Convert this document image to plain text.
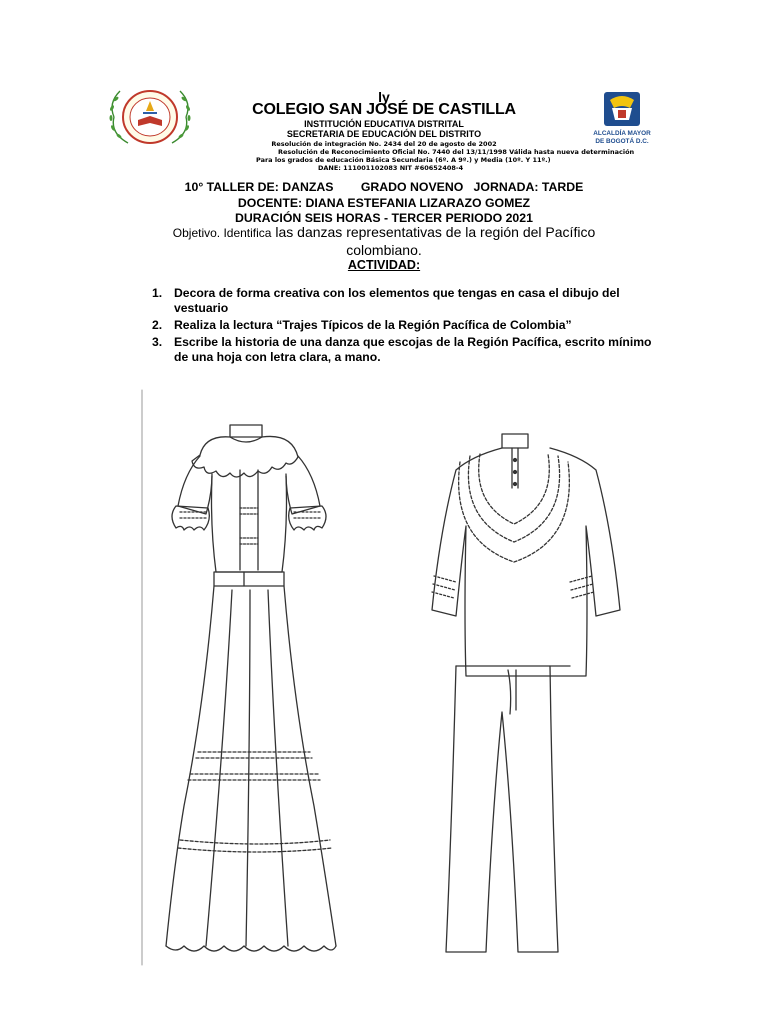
ALCALDÍA MAYOR
DE BOGOTÁ D.C.
ly
COLEGIO SAN JOSÉ DE CASTILLA
INSTITUCIÓN EDUCATIVA DISTRITAL
SECRETARIA DE EDUCACIÓN DEL DISTRITO
Resolución de integración No. 2434 del 20 de agosto de 2002
Resolución de Reconocimiento Oficial No. 7440 del 13/11/1998 Válida hasta nueva determinación
Para los grados de educación Básica Secundaria (6º. A 9º.) y Media (10º. Y 11º.)
DANE: 111001102083 NIT #60652408-4
10° TALLER DE: DANZAS        GRADO NOVENO   JORNADA: TARDE
DOCENTE: DIANA ESTEFANIA LIZARAZO GOMEZ
DURACIÓN SEIS HORAS - TERCER PERIODO 2021
Objetivo. Identifica las danzas representativas de la región del Pacífico
colombiano.
ACTIVIDAD:
1. Decora de forma creativa con los elementos que tengas en casa el dibujo del vestuario
2. Realiza la lectura “Trajes Típicos de la Región Pacífica de Colombia”
3. Escribe la historia de una danza que escojas de la Región Pacífica, escrito mínimo de una hoja con letra clara, a mano.
